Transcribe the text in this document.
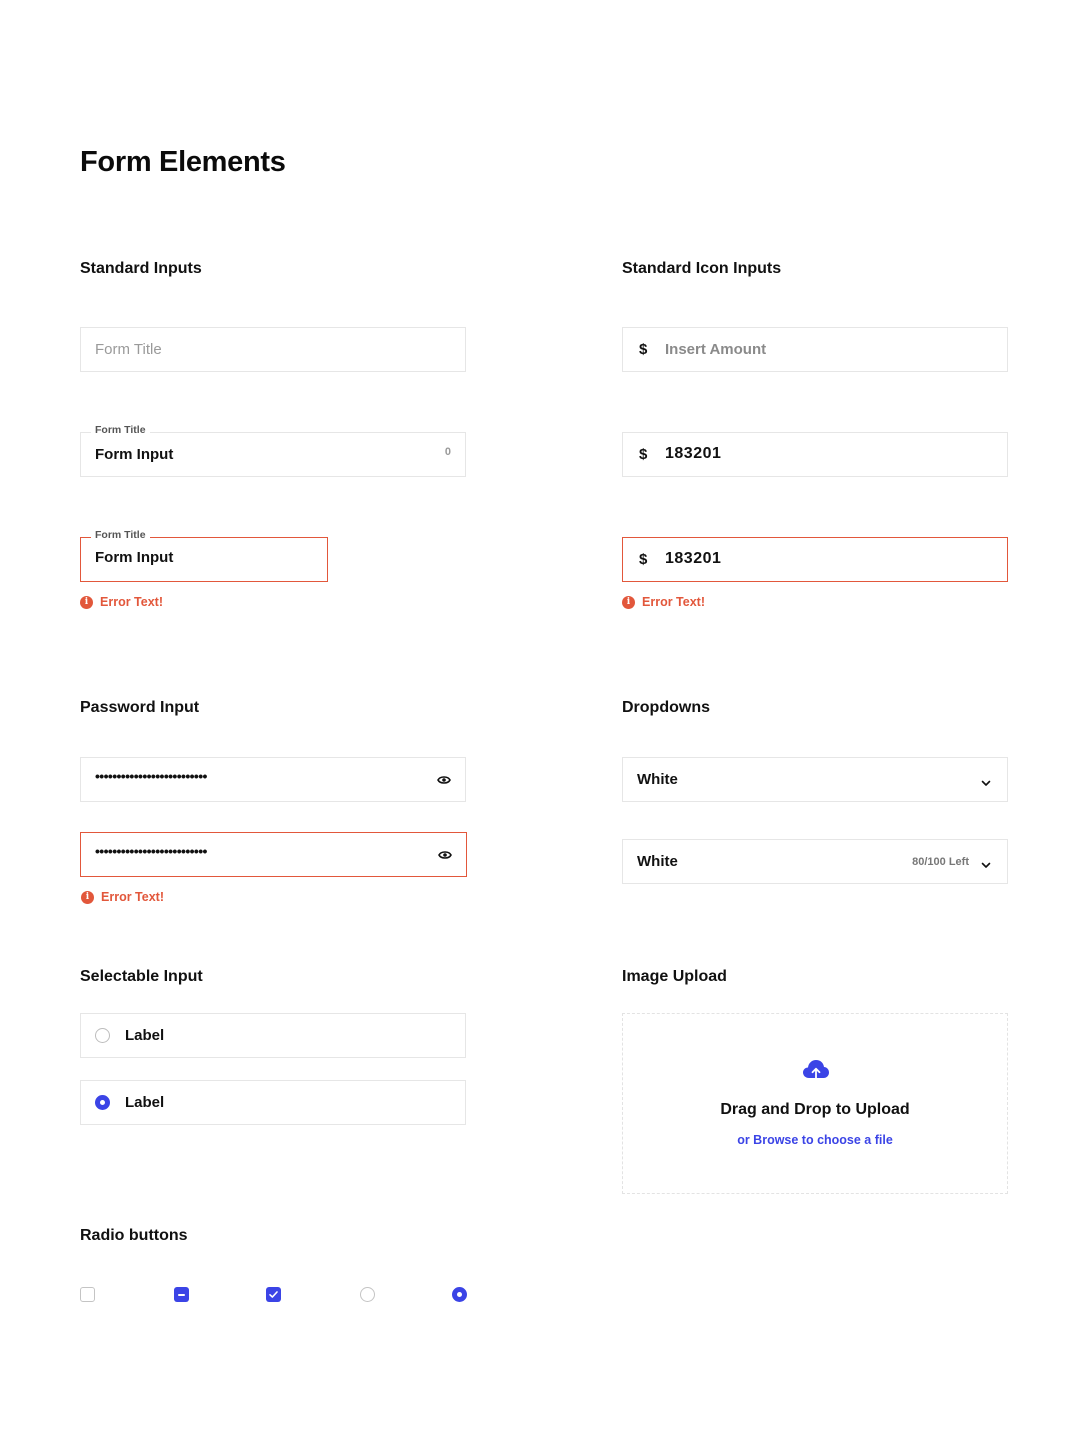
Form Elements
Standard Inputs
Form Title
Form Title
Form Input	0
Form Title
Form Input
i Error Text!
Standard Icon Inputs
$ Insert Amount
$ 183201
$ 183201
i Error Text!
Password Input
••••••••••••••••••••••••••
••••••••••••••••••••••••••
i Error Text!
Dropdowns
White
White	80/100 Left
Selectable Input
Label
Label
Image Upload
Drag and Drop to Upload
or Browse to choose a file
Radio buttons
